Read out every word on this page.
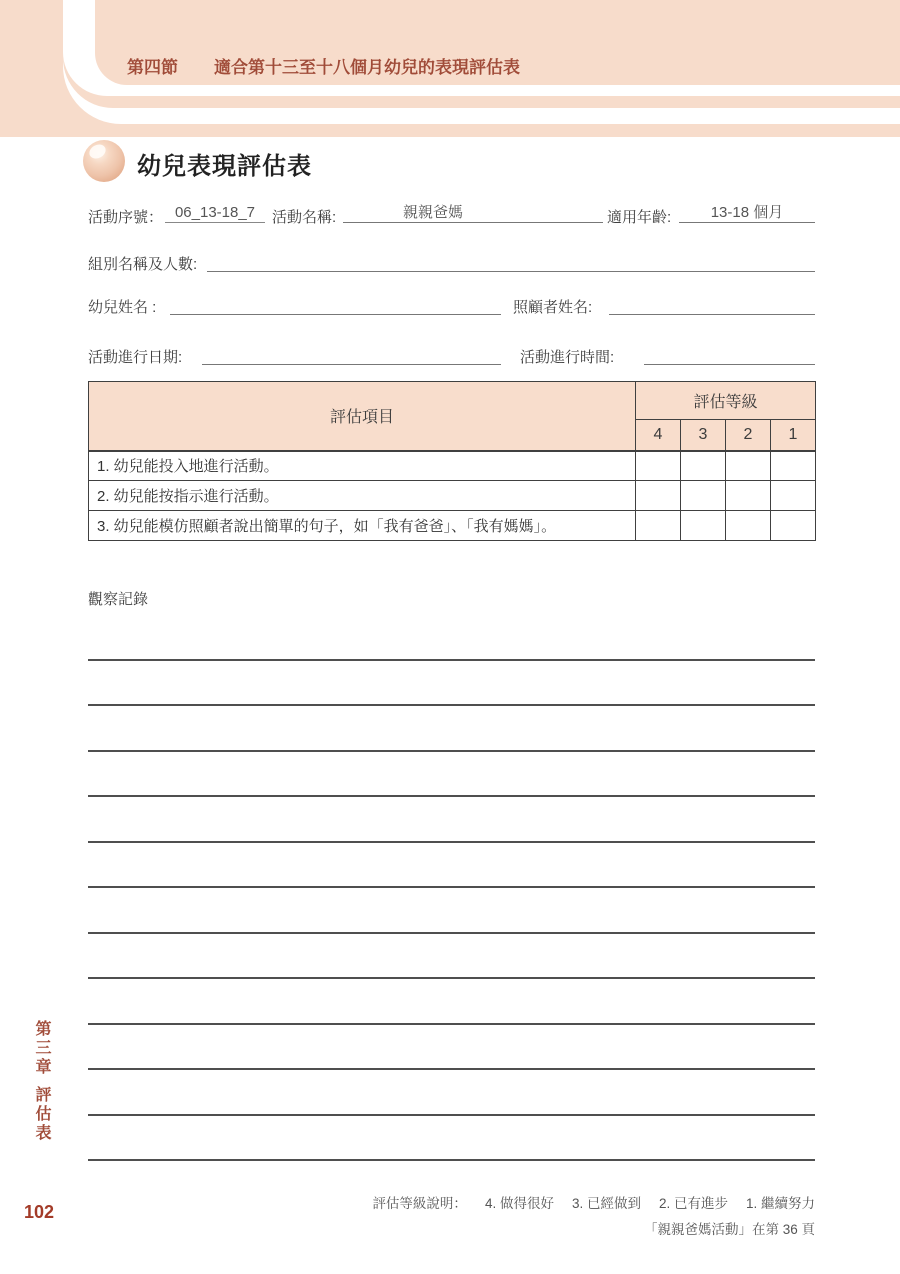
第四節 適合第十三至十八個月幼兒的表現評估表
幼兒表現評估表
活動序號： 06_13-18_7	活動名稱:	親親爸媽	適用年齡:	13-18 個月
組別名稱及人數:
幼兒姓名 :	照顧者姓名:
活動進行日期:	活動進行時間:
評估項目	評估等級			
	4	3	2	1
1. 幼兒能投入地進行活動。				
2. 幼兒能按指示進行活動。				
3. 幼兒能模仿照顧者說出簡單的句子，如「我有爸爸」、「我有媽媽」。				
觀察記錄
第三章
評估表
102	評估等級說明： 4. 做得很好 3. 已經做到 2. 已有進步 1. 繼續努力
「親親爸媽活動」在第 36 頁
